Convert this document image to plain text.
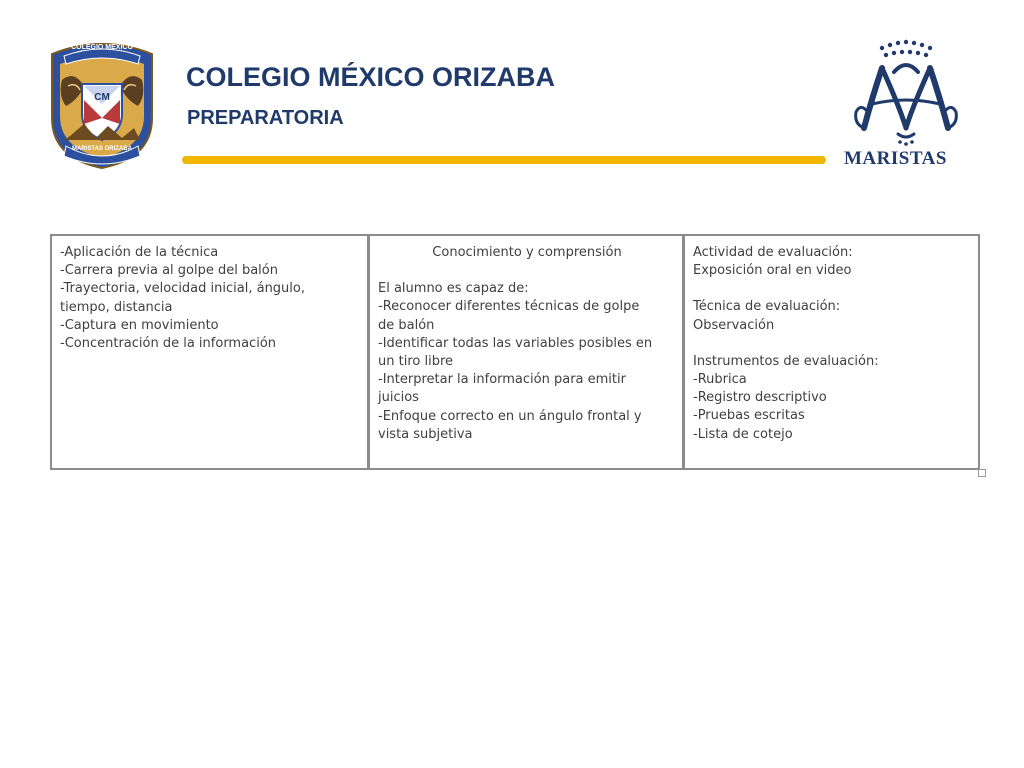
COLEGIO MEXICO
CM
MARISTAS ORIZABA
COLEGIO MÉXICO ORIZABA
PREPARATORIA
MARISTAS
-Aplicación de la técnica
-Carrera previa al golpe del balón
-Trayectoria, velocidad inicial, ángulo,
tiempo, distancia
-Captura en movimiento
-Concentración de la información
Conocimiento y comprensión
El alumno es capaz de:
-Reconocer diferentes técnicas de golpe
de balón
-Identificar todas las variables posibles en
un tiro libre
-Interpretar la información para emitir
juicios
-Enfoque correcto en un ángulo frontal y
vista subjetiva
Actividad de evaluación:
Exposición oral en video
Técnica de evaluación:
Observación
Instrumentos de evaluación:
-Rubrica
-Registro descriptivo
-Pruebas escritas
-Lista de cotejo
